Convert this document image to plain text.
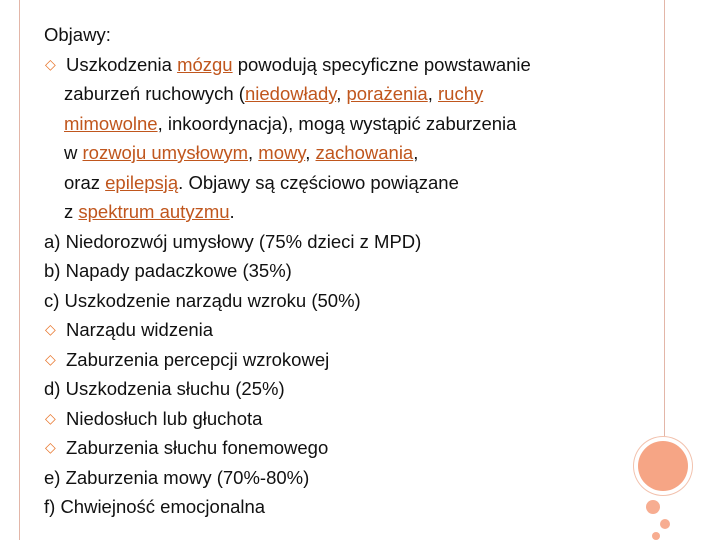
Objawy:
◇ Uszkodzenia mózgu powodują specyficzne powstawanie
zaburzeń ruchowych (niedowłady, porażenia, ruchy
mimowolne, inkoordynacja), mogą wystąpić zaburzenia
w rozwoju umysłowym, mowy, zachowania,
oraz epilepsją. Objawy są częściowo powiązane
z spektrum autyzmu.
a) Niedorozwój umysłowy (75% dzieci z MPD)
b) Napady padaczkowe (35%)
c) Uszkodzenie narządu wzroku (50%)
◇ Narządu widzenia
◇ Zaburzenia percepcji wzrokowej
d) Uszkodzenia słuchu (25%)
◇ Niedosłuch lub głuchota
◇ Zaburzenia słuchu fonemowego
e) Zaburzenia mowy (70%-80%)
f) Chwiejność emocjonalna
